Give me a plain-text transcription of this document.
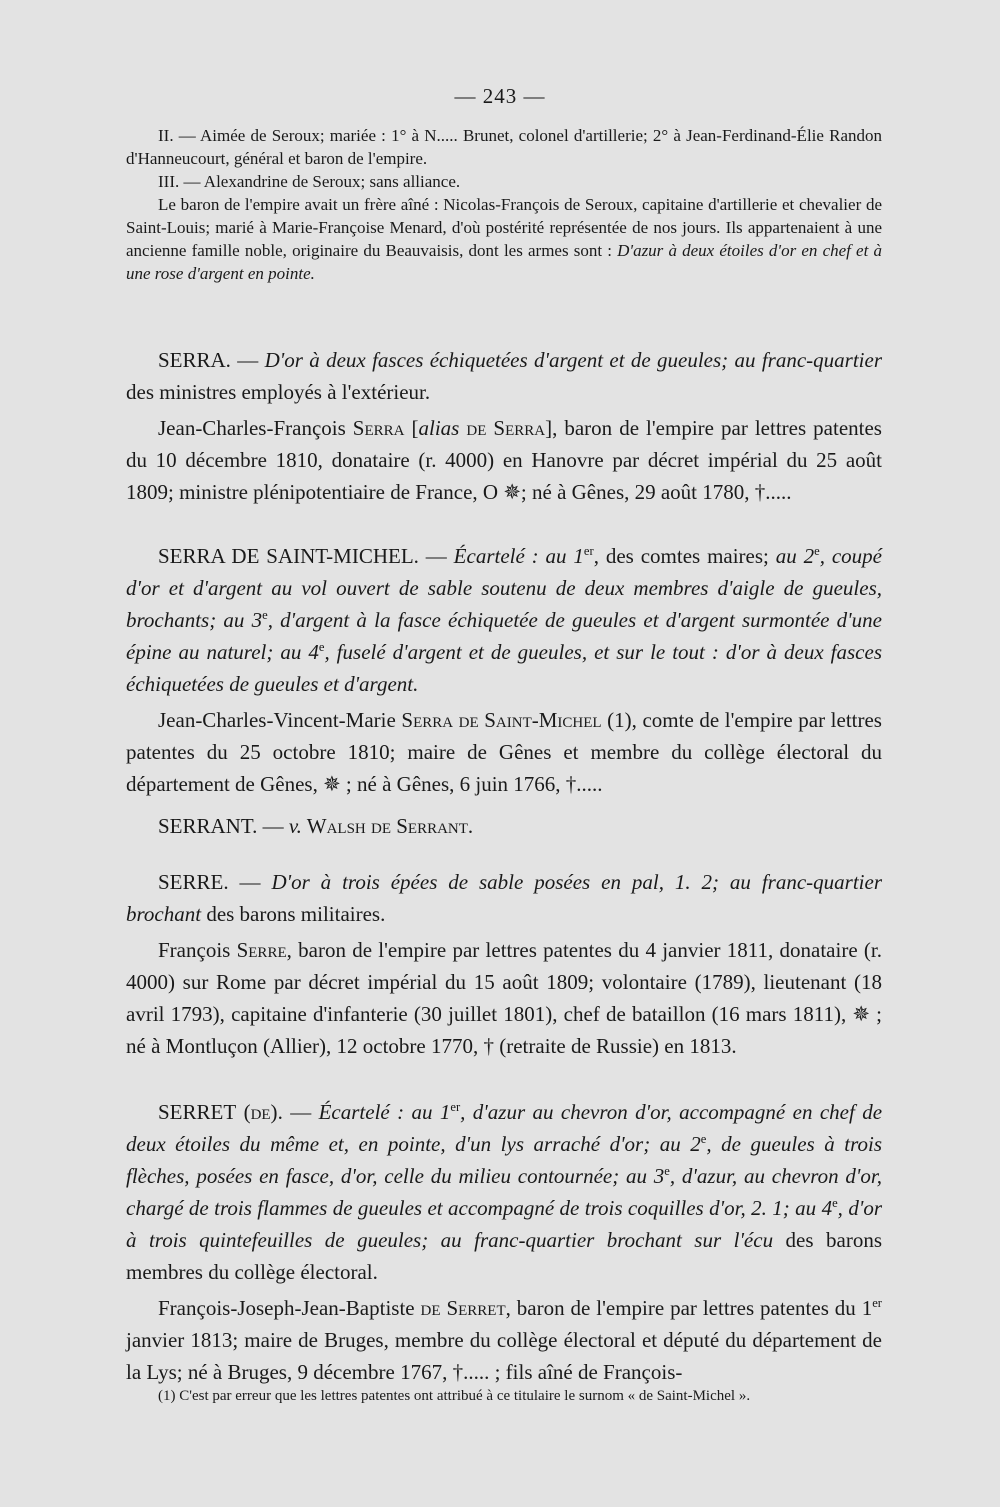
— 243 —

II. — Aimée de Seroux; mariée : 1° à N..... Brunet, colonel d'artillerie; 2° à Jean-Ferdinand-Élie Randon d'Hanneucourt, général et baron de l'empire.

III. — Alexandrine de Seroux; sans alliance.

Le baron de l'empire avait un frère aîné : Nicolas-François de Seroux, capitaine d'artillerie et chevalier de Saint-Louis; marié à Marie-Françoise Menard, d'où postérité représentée de nos jours. Ils appartenaient à une ancienne famille noble, originaire du Beauvaisis, dont les armes sont : D'azur à deux étoiles d'or en chef et à une rose d'argent en pointe.

SERRA. — D'or à deux fasces échiquetées d'argent et de gueules; au franc-quartier des ministres employés à l'extérieur.

Jean-Charles-François Serra [alias de Serra], baron de l'empire par lettres patentes du 10 décembre 1810, donataire (r. 4000) en Hanovre par décret impérial du 25 août 1809; ministre plénipotentiaire de France, O ✵; né à Gênes, 29 août 1780, †.....

SERRA DE SAINT-MICHEL. — Écartelé : au 1er, des comtes maires; au 2e, coupé d'or et d'argent au vol ouvert de sable soutenu de deux membres d'aigle de gueules, brochants; au 3e, d'argent à la fasce échiquetée de gueules et d'argent surmontée d'une épine au naturel; au 4e, fuselé d'argent et de gueules, et sur le tout : d'or à deux fasces échiquetées de gueules et d'argent.

Jean-Charles-Vincent-Marie Serra de Saint-Michel (1), comte de l'empire par lettres patentes du 25 octobre 1810; maire de Gênes et membre du collège électoral du département de Gênes, ✵ ; né à Gênes, 6 juin 1766, †.....

SERRANT. — v. Walsh de Serrant.

SERRE. — D'or à trois épées de sable posées en pal, 1. 2; au franc-quartier brochant des barons militaires.

François Serre, baron de l'empire par lettres patentes du 4 janvier 1811, donataire (r. 4000) sur Rome par décret impérial du 15 août 1809; volontaire (1789), lieutenant (18 avril 1793), capitaine d'infanterie (30 juillet 1801), chef de bataillon (16 mars 1811), ✵ ; né à Montluçon (Allier), 12 octobre 1770, † (retraite de Russie) en 1813.

SERRET (de). — Écartelé : au 1er, d'azur au chevron d'or, accompagné en chef de deux étoiles du même et, en pointe, d'un lys arraché d'or; au 2e, de gueules à trois flèches, posées en fasce, d'or, celle du milieu contournée; au 3e, d'azur, au chevron d'or, chargé de trois flammes de gueules et accompagné de trois coquilles d'or, 2. 1; au 4e, d'or à trois quintefeuilles de gueules; au franc-quartier brochant sur l'écu des barons membres du collège électoral.

François-Joseph-Jean-Baptiste de Serret, baron de l'empire par lettres patentes du 1er janvier 1813; maire de Bruges, membre du collège électoral et député du département de la Lys; né à Bruges, 9 décembre 1767, †..... ; fils aîné de François-

(1) C'est par erreur que les lettres patentes ont attribué à ce titulaire le surnom « de Saint-Michel ».
